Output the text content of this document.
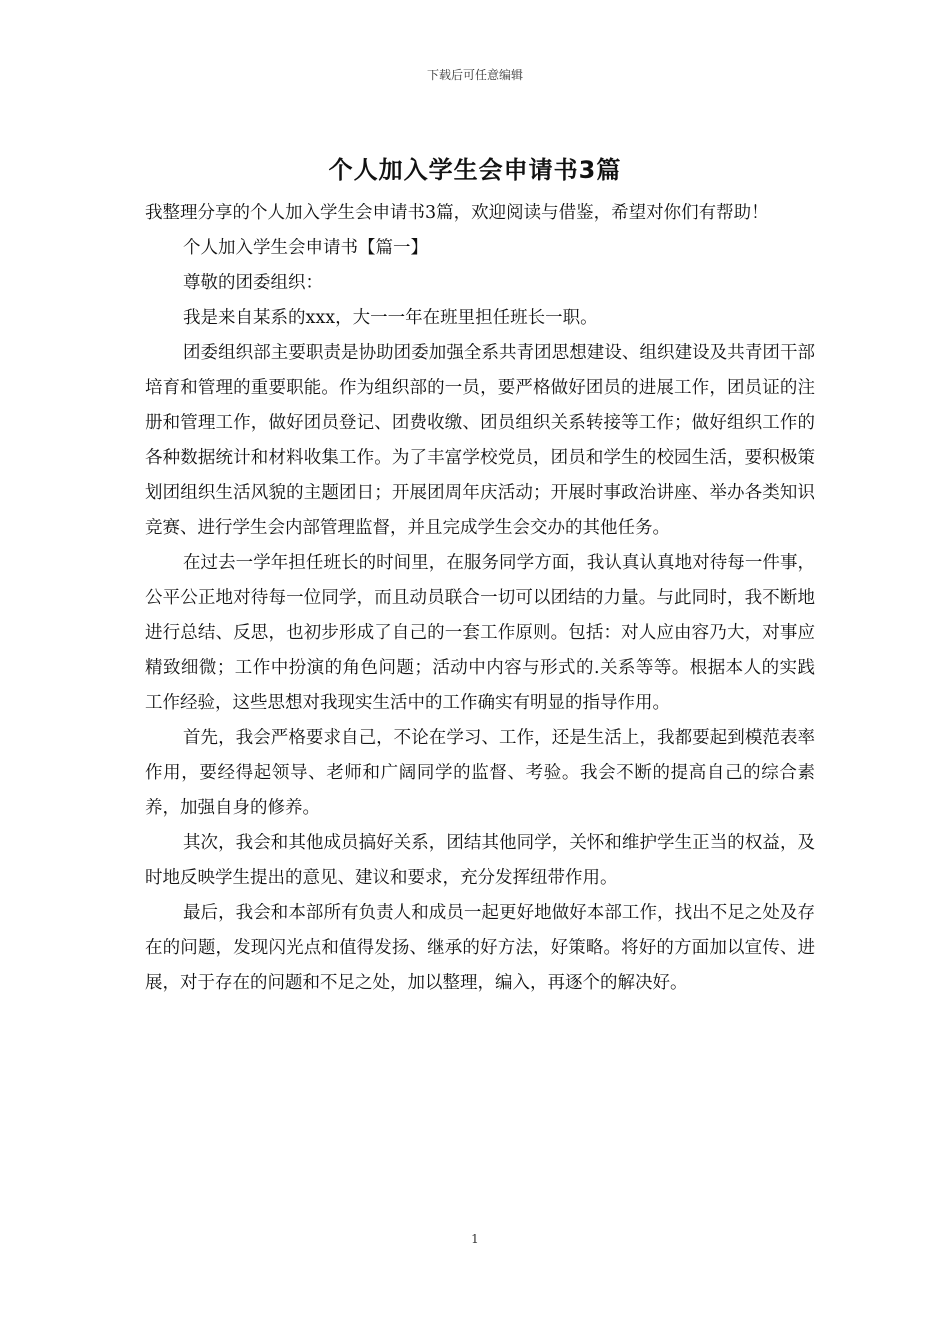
下载后可任意编辑
个人加入学生会申请书3篇

我整理分享的个人加入学生会申请书3篇，欢迎阅读与借鉴，希望对你们有帮助！

个人加入学生会申请书【篇一】

尊敬的团委组织：

我是来自某系的xxx，大一一年在班里担任班长一职。

团委组织部主要职责是协助团委加强全系共青团思想建设、组织建设及共青团干部培育和管理的重要职能。作为组织部的一员，要严格做好团员的进展工作，团员证的注册和管理工作，做好团员登记、团费收缴、团员组织关系转接等工作；做好组织工作的各种数据统计和材料收集工作。为了丰富学校党员，团员和学生的校园生活，要积极策划团组织生活风貌的主题团日；开展团周年庆活动；开展时事政治讲座、举办各类知识竞赛、进行学生会内部管理监督，并且完成学生会交办的其他任务。

在过去一学年担任班长的时间里，在服务同学方面，我认真认真地对待每一件事，公平公正地对待每一位同学，而且动员联合一切可以团结的力量。与此同时，我不断地进行总结、反思，也初步形成了自己的一套工作原则。包括：对人应由容乃大，对事应精致细微；工作中扮演的角色问题；活动中内容与形式的.关系等等。根据本人的实践工作经验，这些思想对我现实生活中的工作确实有明显的指导作用。

首先，我会严格要求自己，不论在学习、工作，还是生活上，我都要起到模范表率作用，要经得起领导、老师和广阔同学的监督、考验。我会不断的提高自己的综合素养，加强自身的修养。

其次，我会和其他成员搞好关系，团结其他同学，关怀和维护学生正当的权益，及时地反映学生提出的意见、建议和要求，充分发挥纽带作用。

最后，我会和本部所有负责人和成员一起更好地做好本部工作，找出不足之处及存在的问题，发现闪光点和值得发扬、继承的好方法，好策略。将好的方面加以宣传、进展，对于存在的问题和不足之处，加以整理，编入，再逐个的解决好。

1
